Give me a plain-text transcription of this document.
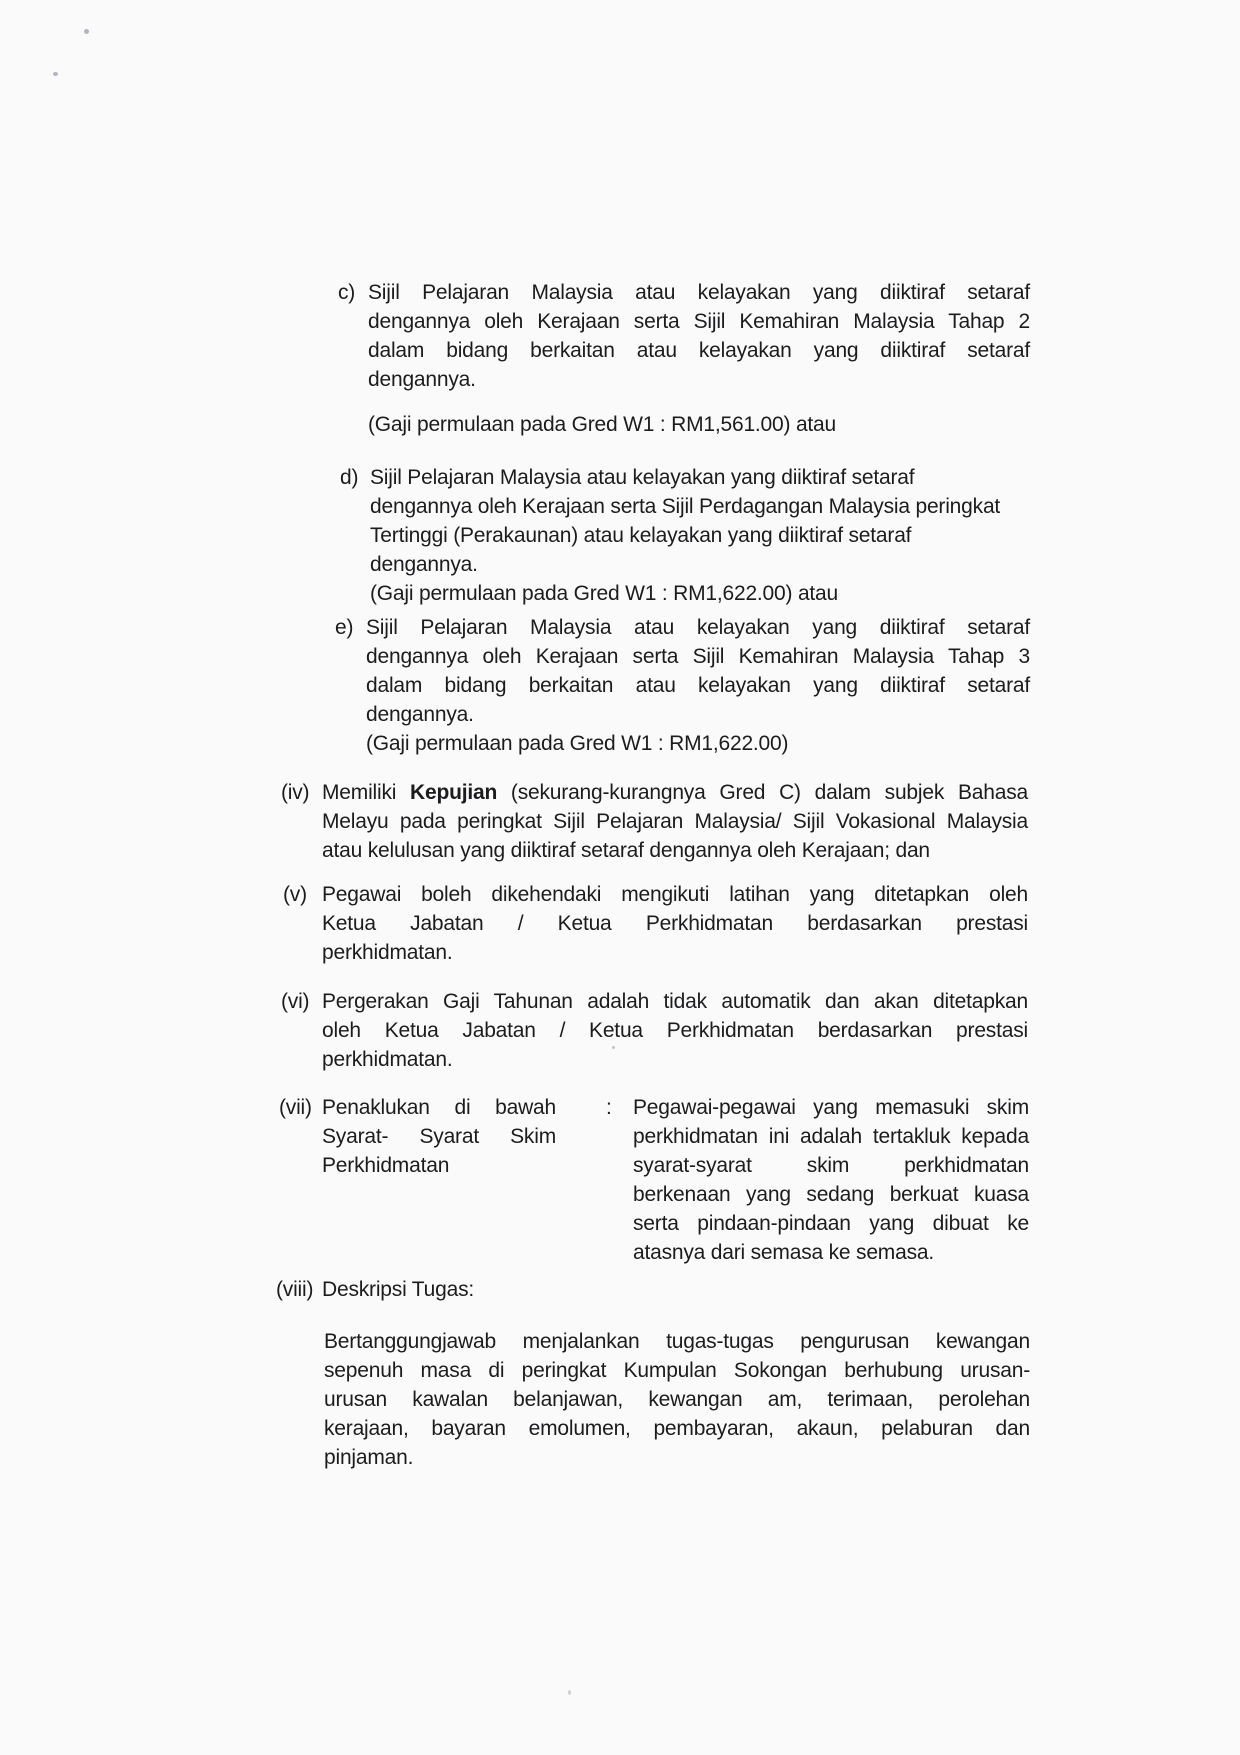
c) Sijil Pelajaran Malaysia atau kelayakan yang diiktiraf setaraf
dengannya oleh Kerajaan serta Sijil Kemahiran Malaysia Tahap 2
dalam bidang berkaitan atau kelayakan yang diiktiraf setaraf
dengannya.
(Gaji permulaan pada Gred W1 : RM1,561.00) atau
d) Sijil Pelajaran Malaysia atau kelayakan yang diiktiraf setaraf
dengannya oleh Kerajaan serta Sijil Perdagangan Malaysia peringkat
Tertinggi (Perakaunan) atau kelayakan yang diiktiraf setaraf
dengannya.
(Gaji permulaan pada Gred W1 : RM1,622.00) atau
e) Sijil Pelajaran Malaysia atau kelayakan yang diiktiraf setaraf
dengannya oleh Kerajaan serta Sijil Kemahiran Malaysia Tahap 3
dalam bidang berkaitan atau kelayakan yang diiktiraf setaraf
dengannya.
(Gaji permulaan pada Gred W1 : RM1,622.00)
(iv) Memiliki Kepujian (sekurang-kurangnya Gred C) dalam subjek Bahasa
Melayu pada peringkat Sijil Pelajaran Malaysia/ Sijil Vokasional Malaysia
atau kelulusan yang diiktiraf setaraf dengannya oleh Kerajaan; dan
(v) Pegawai boleh dikehendaki mengikuti latihan yang ditetapkan oleh
Ketua Jabatan / Ketua Perkhidmatan berdasarkan prestasi
perkhidmatan.
(vi) Pergerakan Gaji Tahunan adalah tidak automatik dan akan ditetapkan
oleh Ketua Jabatan / Ketua Perkhidmatan berdasarkan prestasi
perkhidmatan.
(vii) Penaklukan di bawah
Syarat- Syarat Skim
Perkhidmatan
: Pegawai-pegawai yang memasuki skim
perkhidmatan ini adalah tertakluk kepada
syarat-syarat skim perkhidmatan
berkenaan yang sedang berkuat kuasa
serta pindaan-pindaan yang dibuat ke
atasnya dari semasa ke semasa.
(viii) Deskripsi Tugas:
Bertanggungjawab menjalankan tugas-tugas pengurusan kewangan
sepenuh masa di peringkat Kumpulan Sokongan berhubung urusan-
urusan kawalan belanjawan, kewangan am, terimaan, perolehan
kerajaan, bayaran emolumen, pembayaran, akaun, pelaburan dan
pinjaman.
